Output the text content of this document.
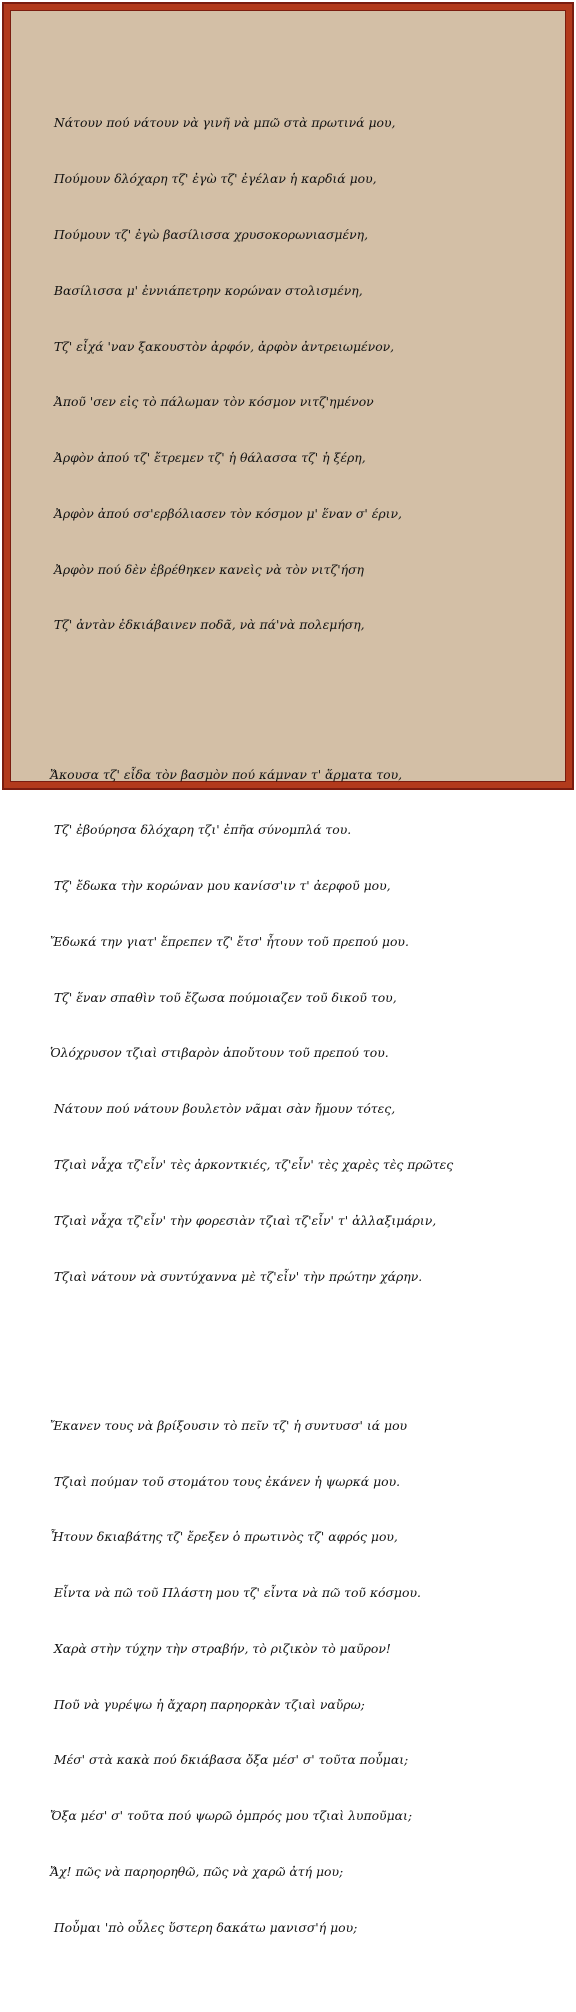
Νάτουν πού νάτουν νὰ γινῆ νὰ μπῶ στὰ πρωτινά μου,

Πούμουν δλόχαρη τζ' ἐγὼ τζ' ἐγέλαν ἡ καρδιά μου,

Πούμουν τζ' ἐγὼ βασίλισσα χρυσοκορωνιασμένη,

Βασίλισσα μ' ἐννιάπετρην κορώναν στολισμένη,

Τζ' εἶχά 'ναν ξακουστὸν ἀρφόν, ἀρφὸν ἀντρειωμένον,

Ἀποῦ 'σεν εἰς τὸ πάλωμαν τὸν κόσμον νιτζ'ημένον

Ἀρφὸν ἀπού τζ' ἔτρεμεν τζ' ἡ θάλασσα τζ' ἡ ξέρη,

Ἀρφὸν ἀπού σσ'ερβόλιασεν τὸν κόσμον μ' ἕναν σ' έριν,

Ἀρφὸν πού δὲν ἐβρέθηκεν κανεὶς νὰ τὸν νιτζ'ήση

Τζ' ἀντὰν ἐδκιάβαινεν ποδᾶ, νὰ πά'νὰ πολεμήση,

Ἄκουσα τζ' εἶδα τὸν βασμὸν πού κάμναν τ' ἅρματα του,

Τζ' ἐβούρησα δλόχαρη τζι' ἐπῆα σύνομπλά του.

Τζ' ἔδωκα τὴν κορώναν μου κανίσσ'ιν τ' ἀερφοῦ μου,

Ἔδωκά την γιατ' ἔπρεπεν τζ' ἔτσ' ἦτουν τοῦ πρεπού μου.

Τζ' ἕναν σπαθὶν τοῦ ἔζωσα πούμοιαζεν τοῦ δικοῦ του,

Ὁλόχρυσον τζιαὶ στιβαρὸν ἀποὔτουν τοῦ πρεπού του.

Νάτουν πού νάτουν βουλετὸν νᾶμαι σὰν ἤμουν τότες,

Τζιαὶ νἆχα τζ'εἶν' τὲς ἀρκοντκιές, τζ'εἶν' τὲς χαρὲς τὲς πρῶτες

Τζιαὶ νἆχα τζ'εἶν' τὴν φορεσιὰν τζιαὶ τζ'εἶν' τ' ἀλλαξιμάριν,

Τζιαὶ νάτουν νὰ συντύχαννα μὲ τζ'εἶν' τὴν πρώτην χάρην.

Ἔκανεν τους νὰ βρίξουσιν τὸ πεῖν τζ' ἡ συντυσσ' ιά μου

Τζιαὶ πούμαν τοῦ στομάτου τους ἐκάνεν ἡ ψωρκά μου.

Ἦτουν δκιαβάτης τζ' ἔρεξεν ὁ πρωτινὸς τζ' αφρός μου,

Εἶντα νὰ πῶ τοῦ Πλάστη μου τζ' εἶντα νὰ πῶ τοῦ κόσμου.

Χαρὰ στὴν τύχην τὴν στραβήν, τὸ ριζικὸν τὸ μαῦρον!

Ποῦ νὰ γυρέψω ἡ ἄχαρη παρηορκὰν τζιαὶ ναὔρω;

Μέσ' στὰ κακὰ πού δκιάβασα ὄξα μέσ' σ' τοῦτα ποὖμαι;

Ὄξα μέσ' σ' τοῦτα πού ψωρῶ ὀμπρός μου τζιαὶ λυποῦμαι;

Ἄχ! πῶς νὰ παρηορηθῶ, πῶς νὰ χαρῶ ἀτή μου;

Ποὖμαι 'πὸ οὗλες ὕστερη δακάτω μανισσ'ή μου;
